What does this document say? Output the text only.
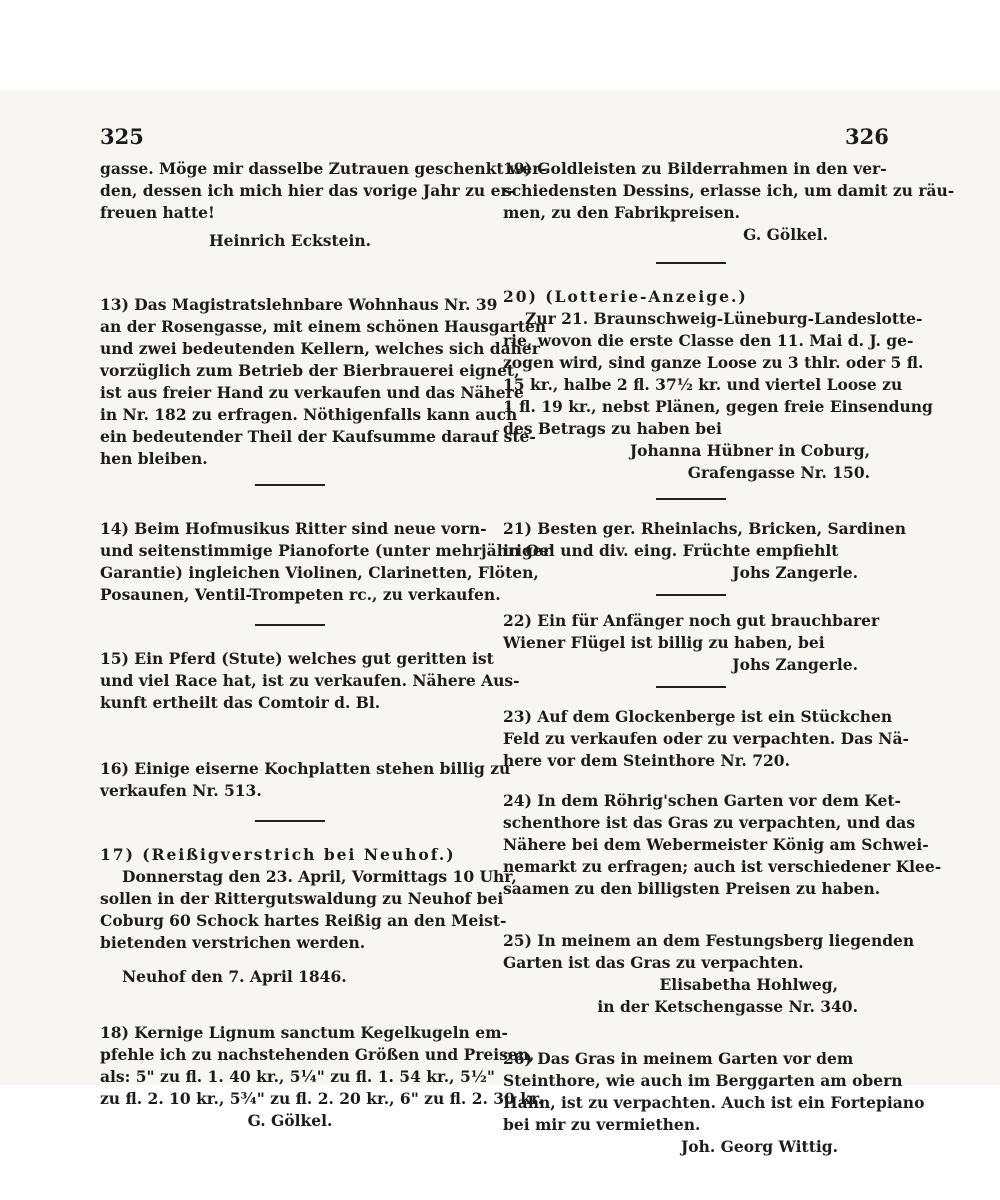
325	326
gasse. Möge mir dasselbe Zutrauen geschenkt wer-
den, dessen ich mich hier das vorige Jahr zu er-
freuen hatte!
Heinrich Eckstein.
13) Das Magistratslehnbare Wohnhaus Nr. 39
an der Rosengasse, mit einem schönen Hausgarten
und zwei bedeutenden Kellern, welches sich daher
vorzüglich zum Betrieb der Bierbrauerei eignet,
ist aus freier Hand zu verkaufen und das Nähere
in Nr. 182 zu erfragen. Nöthigenfalls kann auch
ein bedeutender Theil der Kaufsumme darauf ste-
hen bleiben.
14) Beim Hofmusikus Ritter sind neue vorn-
und seitenstimmige Pianoforte (unter mehrjähriger
Garantie) ingleichen Violinen, Clarinetten, Flöten,
Posaunen, Ventil-Trompeten rc., zu verkaufen.
15) Ein Pferd (Stute) welches gut geritten ist
und viel Race hat, ist zu verkaufen. Nähere Aus-
kunft ertheilt das Comtoir d. Bl.
16) Einige eiserne Kochplatten stehen billig zu
verkaufen Nr. 513.
17) (Reißigverstrich bei Neuhof.)
Donnerstag den 23. April, Vormittags 10 Uhr,
sollen in der Rittergutswaldung zu Neuhof bei
Coburg 60 Schock hartes Reißig an den Meist-
bietenden verstrichen werden.
Neuhof den 7. April 1846.
18) Kernige Lignum sanctum Kegelkugeln em-
pfehle ich zu nachstehenden Größen und Preisen,
als: 5" zu fl. 1. 40 kr., 5¼" zu fl. 1. 54 kr., 5½"
zu fl. 2. 10 kr., 5¾" zu fl. 2. 20 kr., 6" zu fl. 2. 30 kr.
G. Gölkel.
19) Goldleisten zu Bilderrahmen in den ver-
schiedensten Dessins, erlasse ich, um damit zu räu-
men, zu den Fabrikpreisen.
G. Gölkel.
20) (Lotterie-Anzeige.)
Zur 21. Braunschweig-Lüneburg-Landeslotte-
rie, wovon die erste Classe den 11. Mai d. J. ge-
zogen wird, sind ganze Loose zu 3 thlr. oder 5 fl.
15 kr., halbe 2 fl. 37½ kr. und viertel Loose zu
1 fl. 19 kr., nebst Plänen, gegen freie Einsendung
des Betrags zu haben bei
Johanna Hübner in Coburg,
Grafengasse Nr. 150.
21) Besten ger. Rheinlachs, Bricken, Sardinen
in Oel und div. eing. Früchte empfiehlt
Johs Zangerle.
22) Ein für Anfänger noch gut brauchbarer
Wiener Flügel ist billig zu haben, bei
Johs Zangerle.
23) Auf dem Glockenberge ist ein Stückchen
Feld zu verkaufen oder zu verpachten. Das Nä-
here vor dem Steinthore Nr. 720.
24) In dem Röhrig'schen Garten vor dem Ket-
schenthore ist das Gras zu verpachten, und das
Nähere bei dem Webermeister König am Schwei-
nemarkt zu erfragen; auch ist verschiedener Klee-
saamen zu den billigsten Preisen zu haben.
25) In meinem an dem Festungsberg liegenden
Garten ist das Gras zu verpachten.
Elisabetha Hohlweg,
in der Ketschengasse Nr. 340.
26) Das Gras in meinem Garten vor dem
Steinthore, wie auch im Berggarten am obern
Hahn, ist zu verpachten. Auch ist ein Fortepiano
bei mir zu vermiethen.
Joh. Georg Wittig.
